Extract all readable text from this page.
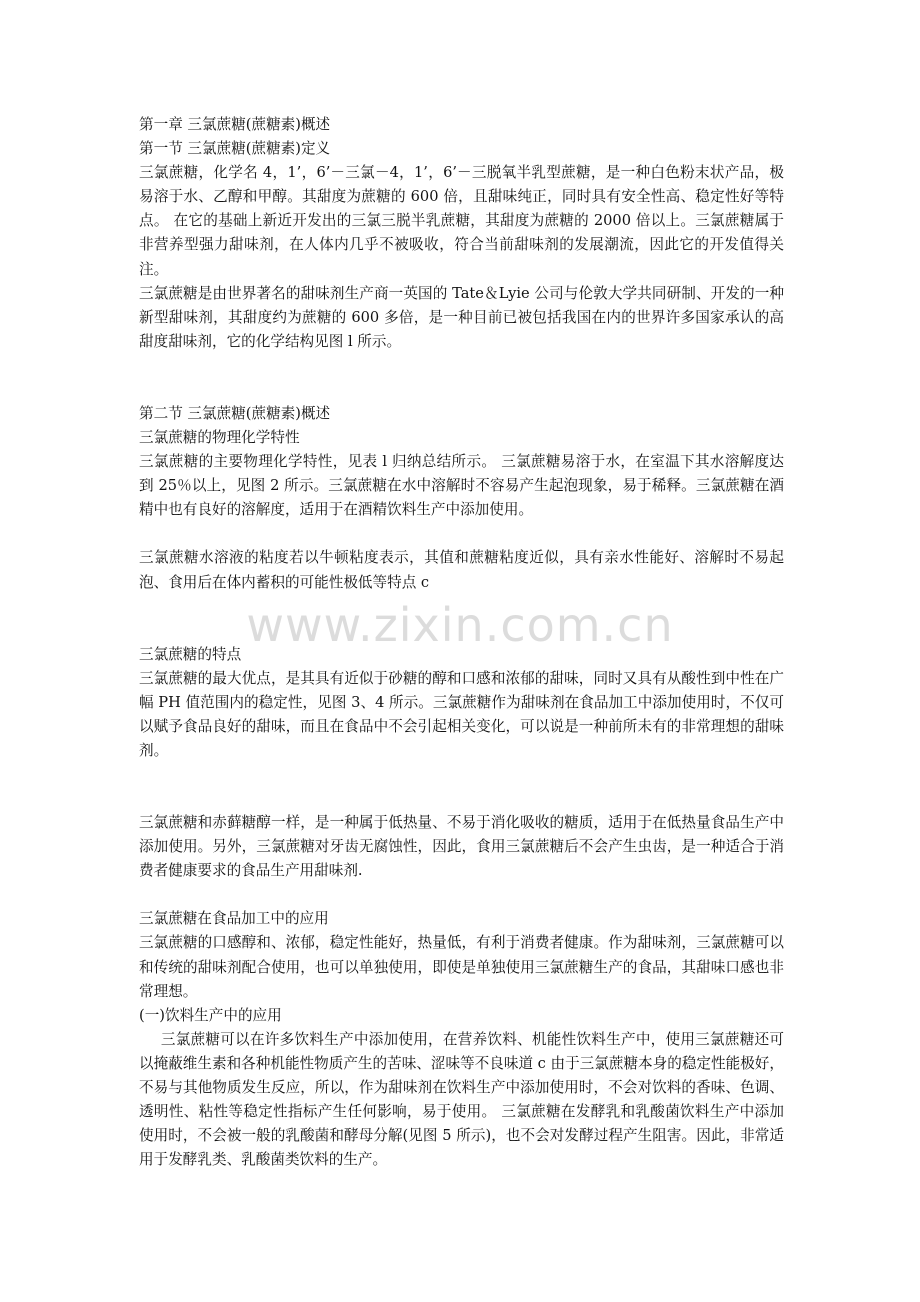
www.zixin.com.cn

第一章 三氯蔗糖(蔗糖素)概述

第一节 三氯蔗糖(蔗糖素)定义

三氯蔗糖，化学名 4，1’，6’－三氯－4，1’，6’－三脱氧半乳型蔗糖，是一种白色粉末状产品，极易溶于水、乙醇和甲醇。其甜度为蔗糖的 600 倍，且甜味纯正，同时具有安全性高、稳定性好等特点。 在它的基础上新近开发出的三氯三脱半乳蔗糖，其甜度为蔗糖的 2000 倍以上。三氯蔗糖属于非营养型强力甜味剂，在人体内几乎不被吸收，符合当前甜味剂的发展潮流，因此它的开发值得关注。

三氯蔗糖是由世界著名的甜味剂生产商一英国的 Tate＆Lyie 公司与伦敦大学共同研制、开发的一种新型甜味剂，其甜度约为蔗糖的 600 多倍，是一种目前已被包括我国在内的世界许多国家承认的高甜度甜味剂，它的化学结构见图 l 所示。

第二节 三氯蔗糖(蔗糖素)概述

三氯蔗糖的物理化学特性

三氯蔗糖的主要物理化学特性，见表 l 归纳总结所示。 三氯蔗糖易溶于水，在室温下其水溶解度达到 25％以上，见图 2 所示。三氯蔗糖在水中溶解时不容易产生起泡现象，易于稀释。三氯蔗糖在酒精中也有良好的溶解度，适用于在酒精饮料生产中添加使用。

三氯蔗糖水溶液的粘度若以牛顿粘度表示，其值和蔗糖粘度近似，具有亲水性能好、溶解时不易起泡、食用后在体内蓄积的可能性极低等特点 c

三氯蔗糖的特点

三氯蔗糖的最大优点，是其具有近似于砂糖的醇和口感和浓郁的甜味，同时又具有从酸性到中性在广幅 PH 值范围内的稳定性，见图 3、4 所示。三氯蔗糖作为甜味剂在食品加工中添加使用时，不仅可以赋予食品良好的甜味，而且在食品中不会引起相关变化，可以说是一种前所未有的非常理想的甜味剂。

三氯蔗糖和赤藓糖醇一样，是一种属于低热量、不易于消化吸收的糖质，适用于在低热量食品生产中添加使用。另外，三氯蔗糖对牙齿无腐蚀性，因此，食用三氯蔗糖后不会产生虫齿，是一种适合于消费者健康要求的食品生产用甜味剂.

三氯蔗糖在食品加工中的应用

三氯蔗糖的口感醇和、浓郁，稳定性能好，热量低，有利于消费者健康。作为甜味剂，三氯蔗糖可以和传统的甜味剂配合使用，也可以单独使用，即使是单独使用三氯蔗糖生产的食品，其甜味口感也非常理想。

(一)饮料生产中的应用

三氯蔗糖可以在许多饮料生产中添加使用，在营养饮料、机能性饮料生产中，使用三氯蔗糖还可以掩蔽维生素和各种机能性物质产生的苦味、涩味等不良味道 c 由于三氯蔗糖本身的稳定性能极好，不易与其他物质发生反应，所以，作为甜味剂在饮料生产中添加使用时，不会对饮料的香味、色调、透明性、粘性等稳定性指标产生任何影响，易于使用。 三氯蔗糖在发酵乳和乳酸菌饮料生产中添加使用时，不会被一般的乳酸菌和酵母分解(见图 5 所示)，也不会对发酵过程产生阻害。因此，非常适用于发酵乳类、乳酸菌类饮料的生产。
